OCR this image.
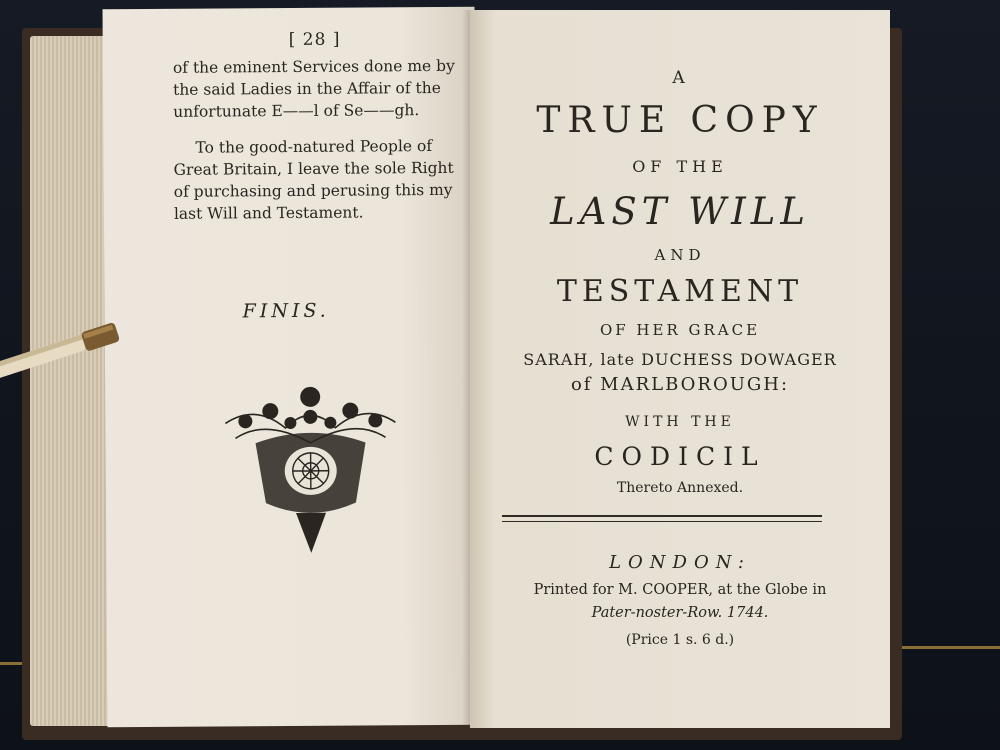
[ 28 ]
of the eminent Services done me by the said Ladies in the Affair of the unfortunate E——l of Se——gh.
To the good-natured People of Great Britain, I leave the sole Right of purchasing and perusing this my last Will and Testament.
FINIS.
A
TRUE COPY
OF THE
LAST WILL
AND
TESTAMENT
OF HER GRACE
SARAH, late DUCHESS DOWAGER
of MARLBOROUGH:
WITH THE
CODICIL
Thereto Annexed.
LONDON:
Printed for M. COOPER, at the Globe in
Pater-noster-Row. 1744.
(Price 1 s. 6 d.)
